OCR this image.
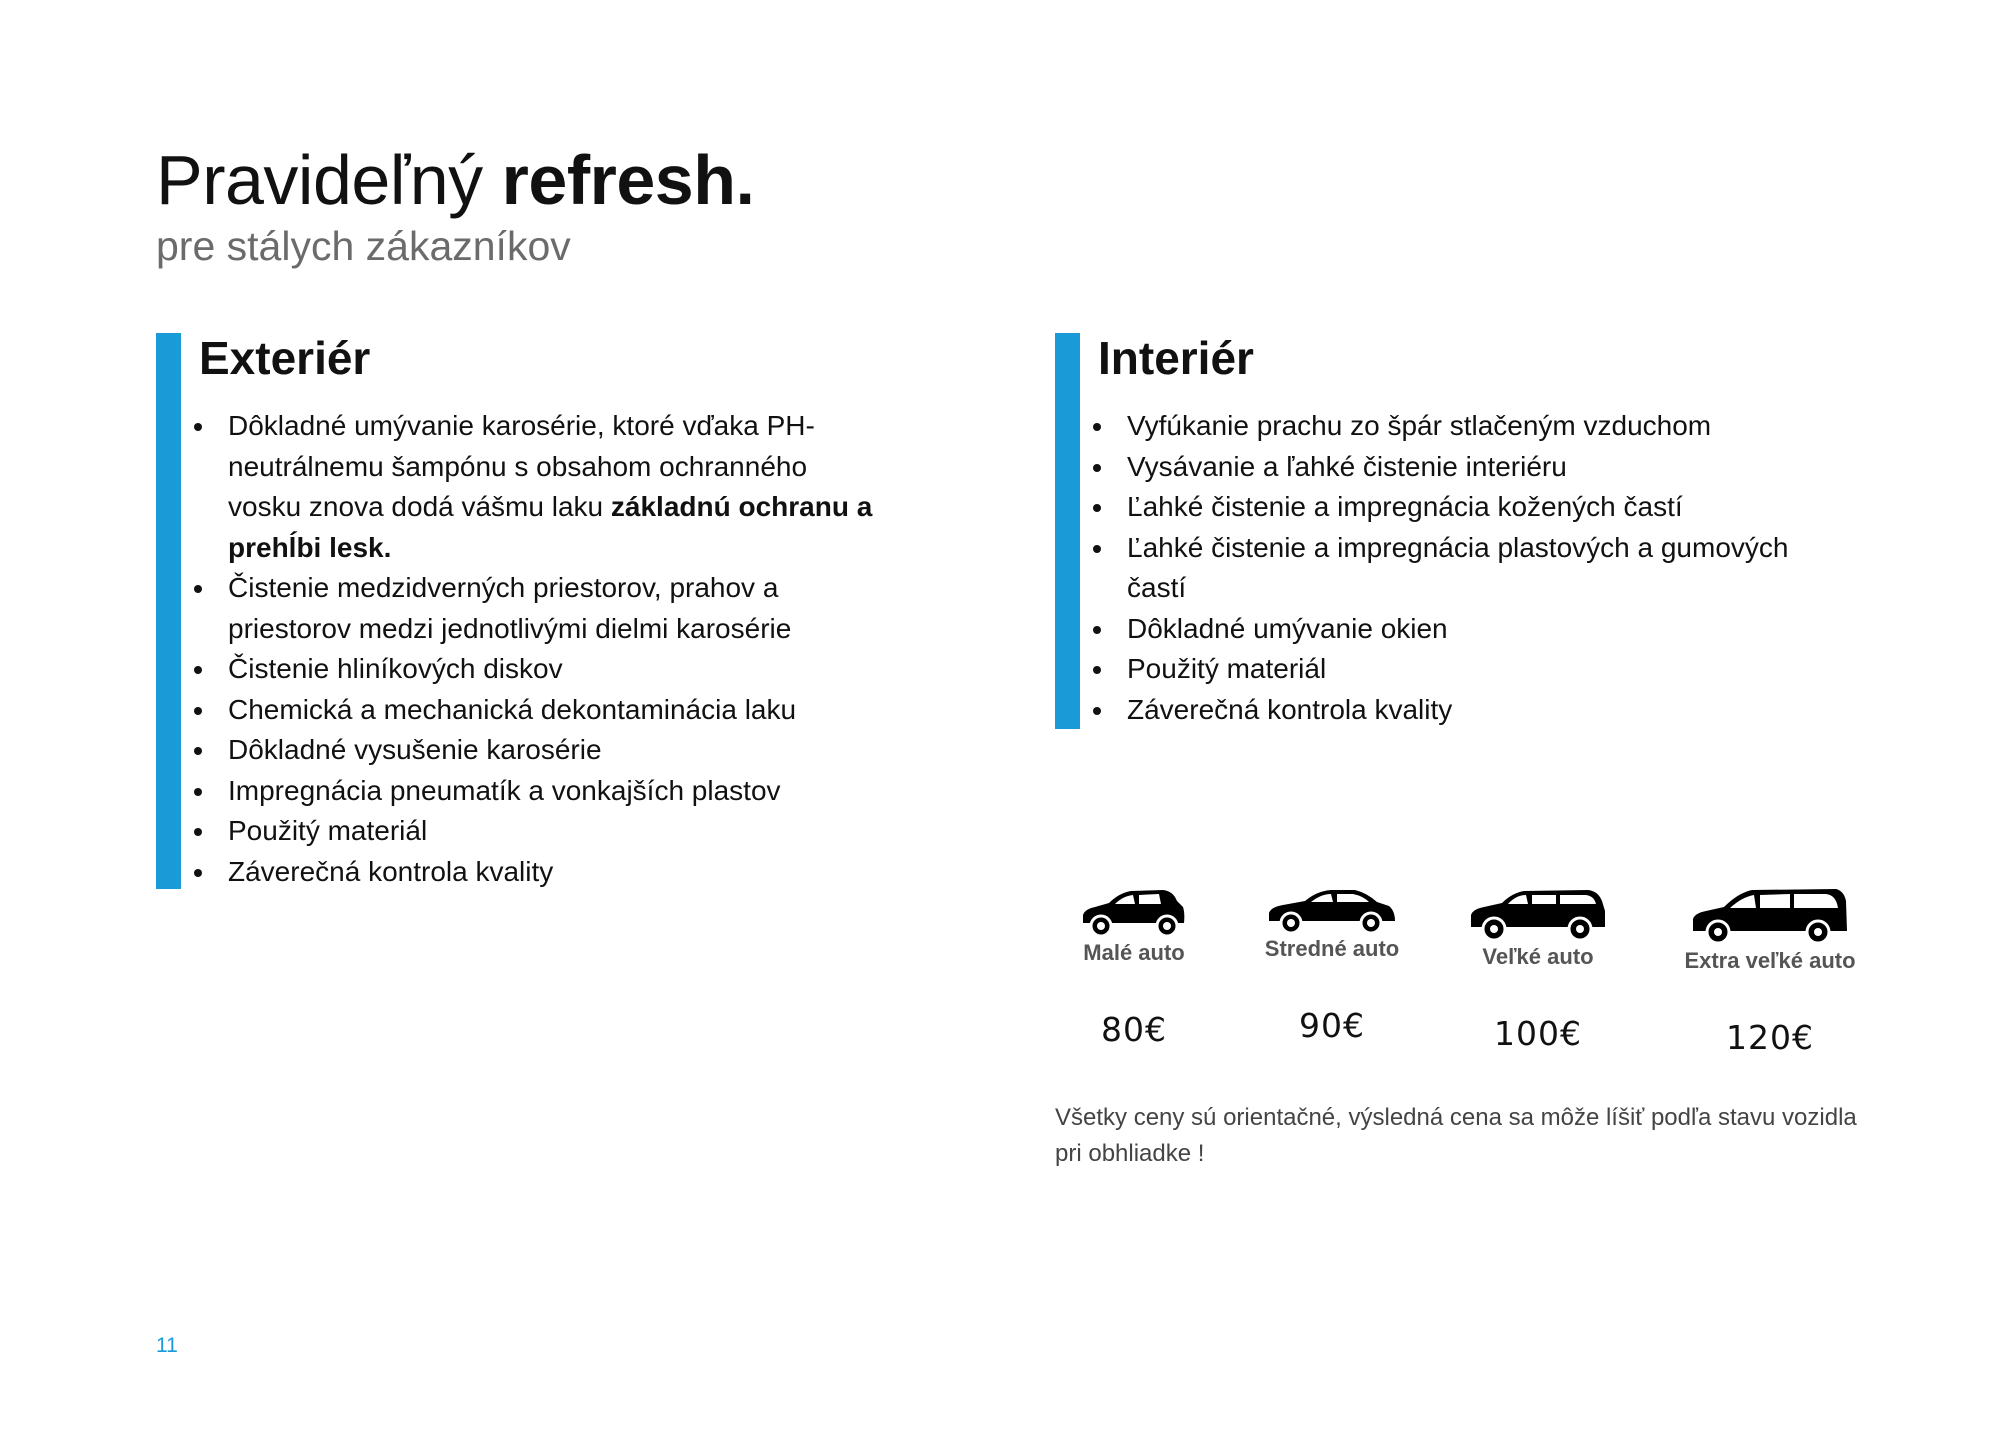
Pravideľný refresh.

pre stálych zákazníkov

Exteriér
Dôkladné umývanie karosérie, ktoré vďaka PH-neutrálnemu šampónu s obsahom ochranného vosku znova dodá vášmu laku základnú ochranu a prehĺbi lesk.
Čistenie medzidverných priestorov, prahov a priestorov medzi jednotlivými dielmi karosérie
Čistenie hliníkových diskov
Chemická a mechanická dekontaminácia laku
Dôkladné vysušenie karosérie
Impregnácia pneumatík a vonkajších plastov
Použitý materiál
Záverečná kontrola kvality
Interiér
Vyfúkanie prachu zo špár stlačeným vzduchom
Vysávanie a ľahké čistenie interiéru
Ľahké čistenie a impregnácia kožených častí
Ľahké čistenie a impregnácia plastových a gumových častí
Dôkladné umývanie okien
Použitý materiál
Záverečná kontrola kvality
Malé auto
80€
Stredné auto
90€
Veľké auto
100€
Extra veľké auto
120€

Všetky ceny sú orientačné, výsledná cena sa môže líšiť podľa stavu vozidla pri obhliadke !

11
